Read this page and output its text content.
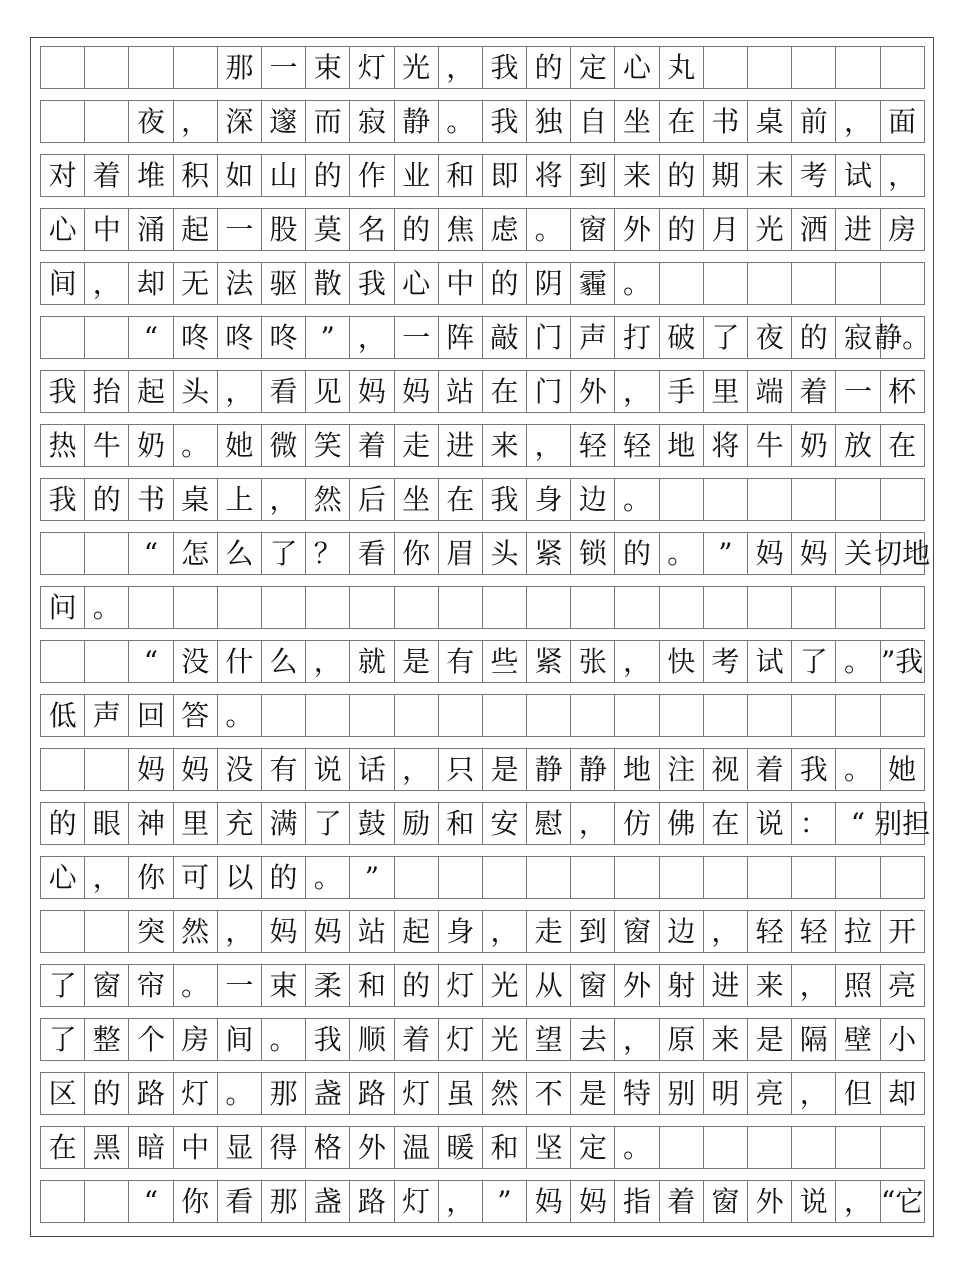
那 一 束 灯 光 ， 我 的 定 心 丸
夜 ， 深 邃 而 寂 静 。 我 独 自 坐 在 书 桌 前 ， 面
对 着 堆 积 如 山 的 作 业 和 即 将 到 来 的 期 末 考 试 ，
心 中 涌 起 一 股 莫 名 的 焦 虑 。 窗 外 的 月 光 洒 进 房
间 ， 却 无 法 驱 散 我 心 中 的 阴 霾 。
“ 咚 咚 咚 ” ， 一 阵 敲 门 声 打 破 了 夜 的 寂 静。
我 抬 起 头 ， 看 见 妈 妈 站 在 门 外 ， 手 里 端 着 一 杯
热 牛 奶 。 她 微 笑 着 走 进 来 ， 轻 轻 地 将 牛 奶 放 在
我 的 书 桌 上 ， 然 后 坐 在 我 身 边 。
“ 怎 么 了 ？ 看 你 眉 头 紧 锁 的 。 ” 妈 妈 关 切地
问 。
“ 没 什 么 ， 就 是 有 些 紧 张 ， 快 考 试 了 。 ”我
低 声 回 答 。
妈 妈 没 有 说 话 ， 只 是 静 静 地 注 视 着 我 。 她
的 眼 神 里 充 满 了 鼓 励 和 安 慰 ， 仿 佛 在 说 ： “ 别担
心 ， 你 可 以 的 。 ”
突 然 ， 妈 妈 站 起 身 ， 走 到 窗 边 ， 轻 轻 拉 开
了 窗 帘 。 一 束 柔 和 的 灯 光 从 窗 外 射 进 来 ， 照 亮
了 整 个 房 间 。 我 顺 着 灯 光 望 去 ， 原 来 是 隔 壁 小
区 的 路 灯 。 那 盏 路 灯 虽 然 不 是 特 别 明 亮 ， 但 却
在 黑 暗 中 显 得 格 外 温 暖 和 坚 定 。
“ 你 看 那 盏 路 灯 ， ” 妈 妈 指 着 窗 外 说 ， “它
